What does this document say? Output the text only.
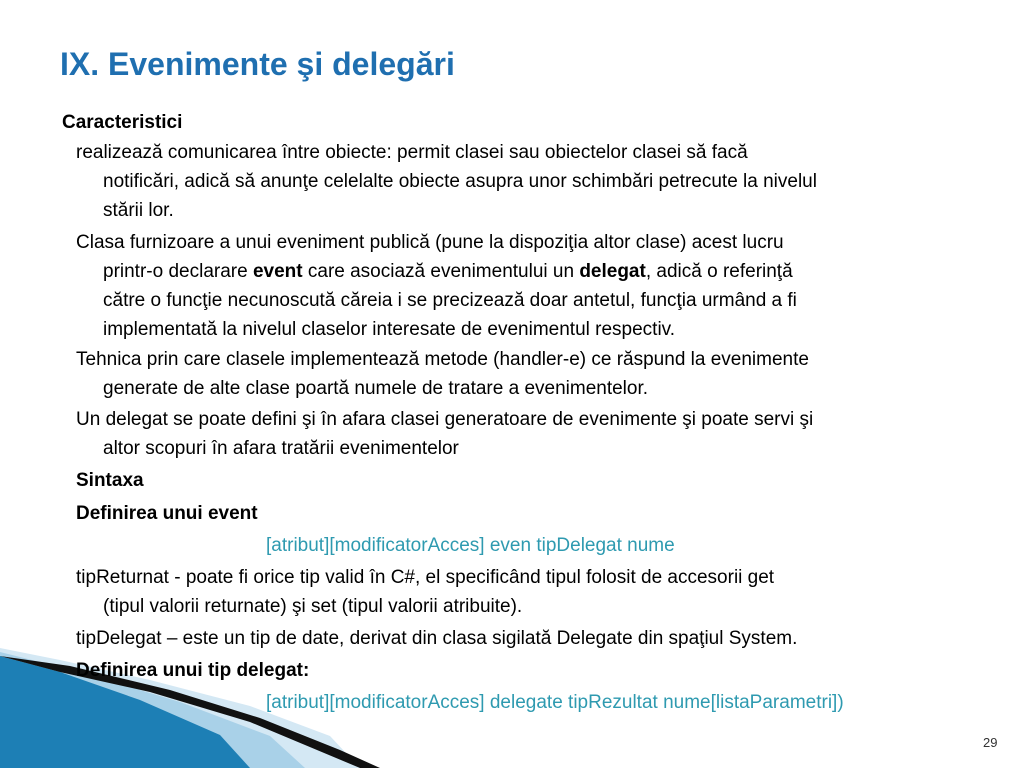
IX. Evenimente şi delegări
Caracteristici
realizează comunicarea între obiecte: permit clasei sau obiectelor clasei să facă
notificări, adică să anunţe celelalte obiecte asupra unor schimbări petrecute la nivelul
stării lor.
Clasa furnizoare a unui eveniment publică (pune la dispoziţia altor clase) acest lucru
printr-o declarare event care asociază evenimentului un delegat, adică o referinţă
către o funcţie necunoscută căreia i se precizează doar antetul, funcţia urmând a fi
implementată la nivelul claselor interesate de evenimentul respectiv.
Tehnica prin care clasele implementează metode (handler-e) ce răspund la evenimente
generate de alte clase poartă numele de tratare a evenimentelor.
Un delegat se poate defini şi în afara clasei generatoare de evenimente şi poate servi şi
altor scopuri în afara tratării evenimentelor
Sintaxa
Definirea unui event
[atribut][modificatorAcces] even tipDelegat nume
tipReturnat - poate fi orice tip valid în C#, el specificând tipul folosit de accesorii get
(tipul valorii returnate) şi set (tipul valorii atribuite).
tipDelegat – este un tip de date, derivat din clasa sigilată Delegate din spaţiul System.
Definirea unui tip delegat:
[atribut][modificatorAcces] delegate tipRezultat nume[listaParametri])
29
